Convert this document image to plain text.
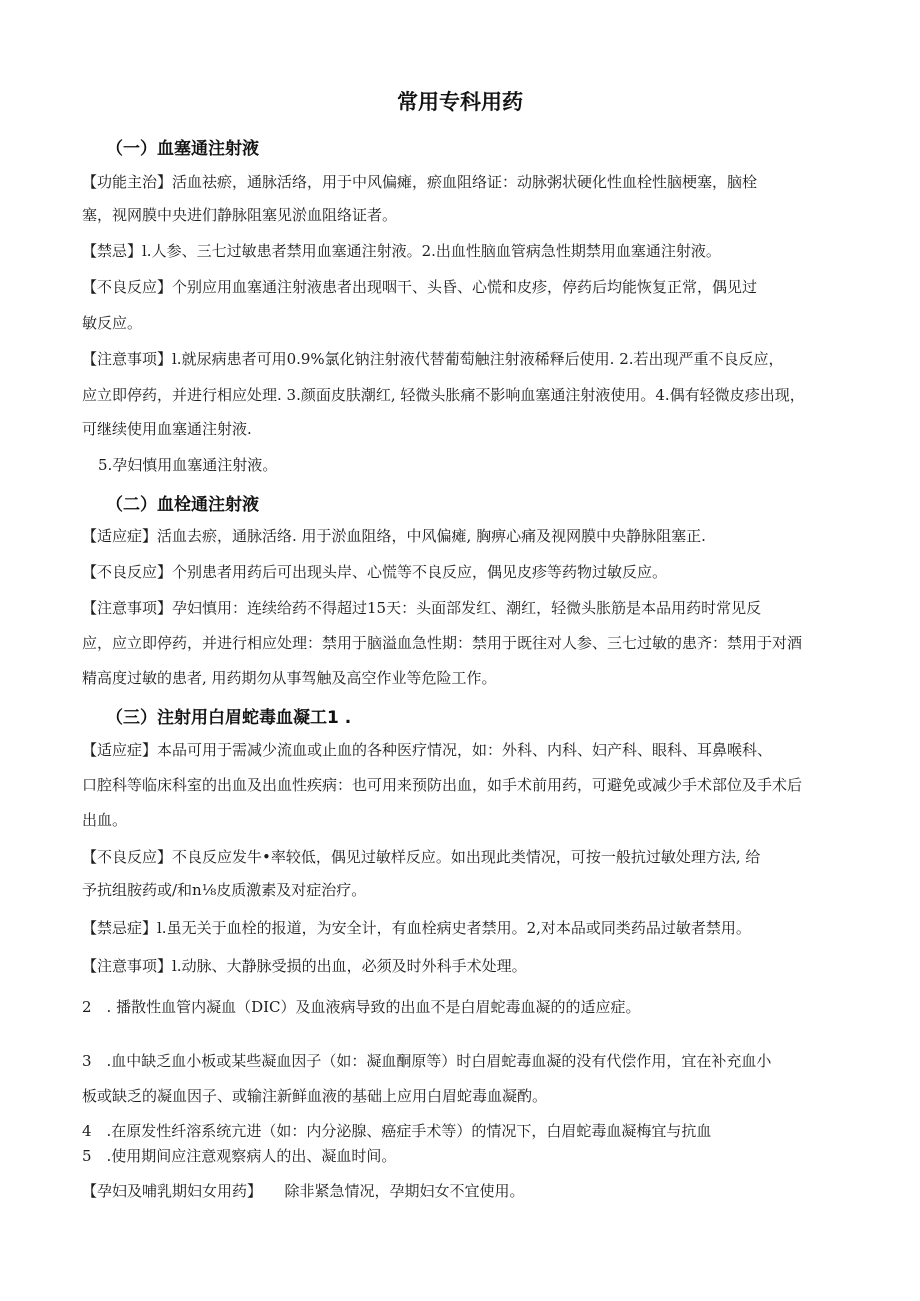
常用专科用药
（一）血塞通注射液
【功能主治】活血祛瘀，通脉活络，用于中风偏瘫，瘀血阻络证：动脉粥状硬化性血栓性脑梗塞，脑栓
塞，视网膜中央进们静脉阻塞见淤血阻络证者。
【禁忌】l.人参、三七过敏患者禁用血塞通注射液。2.出血性脑血管病急性期禁用血塞通注射液。
【不良反应】个别应用血塞通注射液患者出现咽干、头昏、心慌和皮疹，停药后均能恢复正常，偶见过
敏反应。
【注意事项】l.就尿病患者可用0.9%氯化钠注射液代替葡萄触注射液稀释后使用. 2.若出现严重不良反应，
应立即停药，并进行相应处理. 3.颜面皮肤潮红, 轻微头胀痛不影响血塞通注射液使用。4.偶有轻微皮疹出现，
可继续使用血塞通注射液.
5.孕妇慎用血塞通注射液。
（二）血栓通注射液
【适应症】活血去瘀，通脉活络. 用于淤血阻络，中风偏瘫, 胸痹心痛及视网膜中央静脉阻塞正.
【不良反应】个别患者用药后可出现头岸、心慌等不良反应，偶见皮疹等药物过敏反应。
【注意事项】孕妇慎用：连续给药不得超过15天：头面部发红、潮红，轻微头胀筋是本品用药时常见反
应，应立即停药，并进行相应处理：禁用于脑溢血急性期：禁用于既往对人参、三七过敏的患齐：禁用于对酒
精高度过敏的患者, 用药期勿从事驾触及高空作业等危险工作。
（三）注射用白眉蛇毒血凝工1 .
【适应症】本品可用于需减少流血或止血的各种医疗情况，如：外科、内科、妇产科、眼科、耳鼻喉科、
口腔科等临床科室的出血及出血性疾病：也可用来预防出血，如手术前用药，可避免或减少手术部位及手术后
出血。
【不良反应】不良反应发牛•率较低，偶见过敏样反应。如出现此类情况，可按一般抗过敏处理方法, 给
予抗组胺药或/和n⅛皮质激素及对症治疗。
【禁忌症】l.虽无关于血栓的报道，为安全计，有血栓病史者禁用。2,对本品或同类药品过敏者禁用。
【注意事项】l.动脉、大静脉受损的出血，必须及时外科手术处理。
2　. 播散性血管内凝血（DIC）及血液病导致的出血不是白眉蛇毒血凝的的适应症。
3　.血中缺乏血小板或某些凝血因子（如：凝血酮原等）时白眉蛇毒血凝的没有代偿作用，宜在补充血小
板或缺乏的凝血因子、或输注新鲜血液的基础上应用白眉蛇毒血凝酌。
4　.在原发性纤溶系统亢进（如：内分泌腺、癌症手术等）的情况下，白眉蛇毒血凝梅宜与抗血
5　.使用期间应注意观察病人的出、凝血时间。
【孕妇及哺乳期妇女用药】　　除非紧急情况，孕期妇女不宜使用。
